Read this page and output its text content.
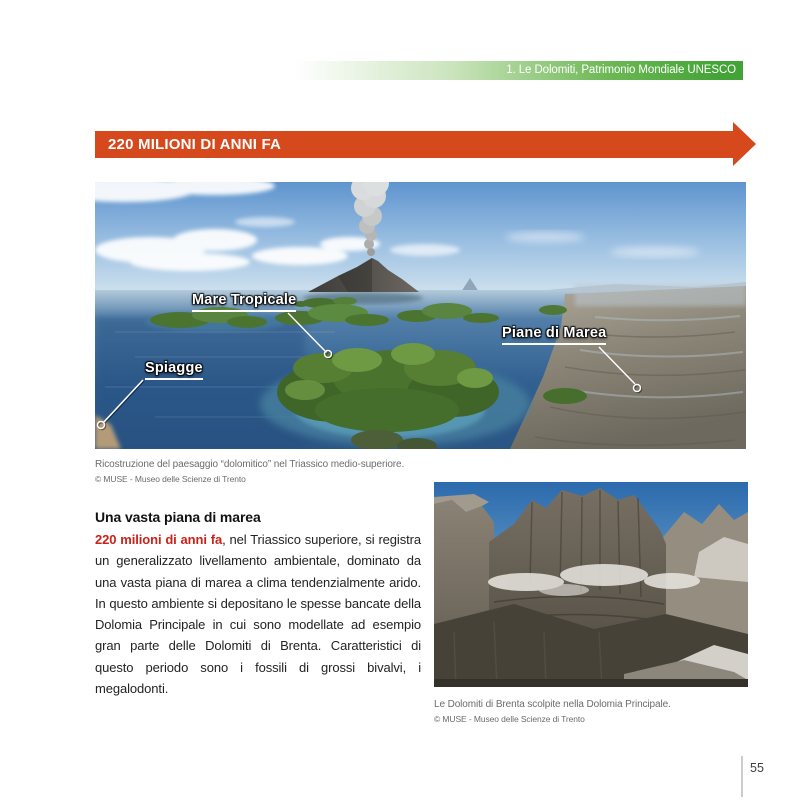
1. Le Dolomiti, Patrimonio Mondiale UNESCO
220 MILIONI DI ANNI FA
Mare Tropicale
Spiagge
Piane di Marea
Ricostruzione del paesaggio “dolomitico” nel Triassico medio-superiore.
© MUSE - Museo delle Scienze di Trento
Una vasta piana di marea

220 milioni di anni fa, nel Triassico superiore, si registra un generalizzato livellamento ambientale, dominato da una vasta piana di marea a clima tendenzialmente arido. In questo ambiente si depositano le spesse bancate della Dolomia Principale in cui sono modellate ad esempio gran parte delle Dolomiti di Brenta. Caratteristici di questo periodo sono i fossili di grossi bivalvi, i megalodonti.

Le Dolomiti di Brenta scolpite nella Dolomia Principale.
© MUSE - Museo delle Scienze di Trento
55
